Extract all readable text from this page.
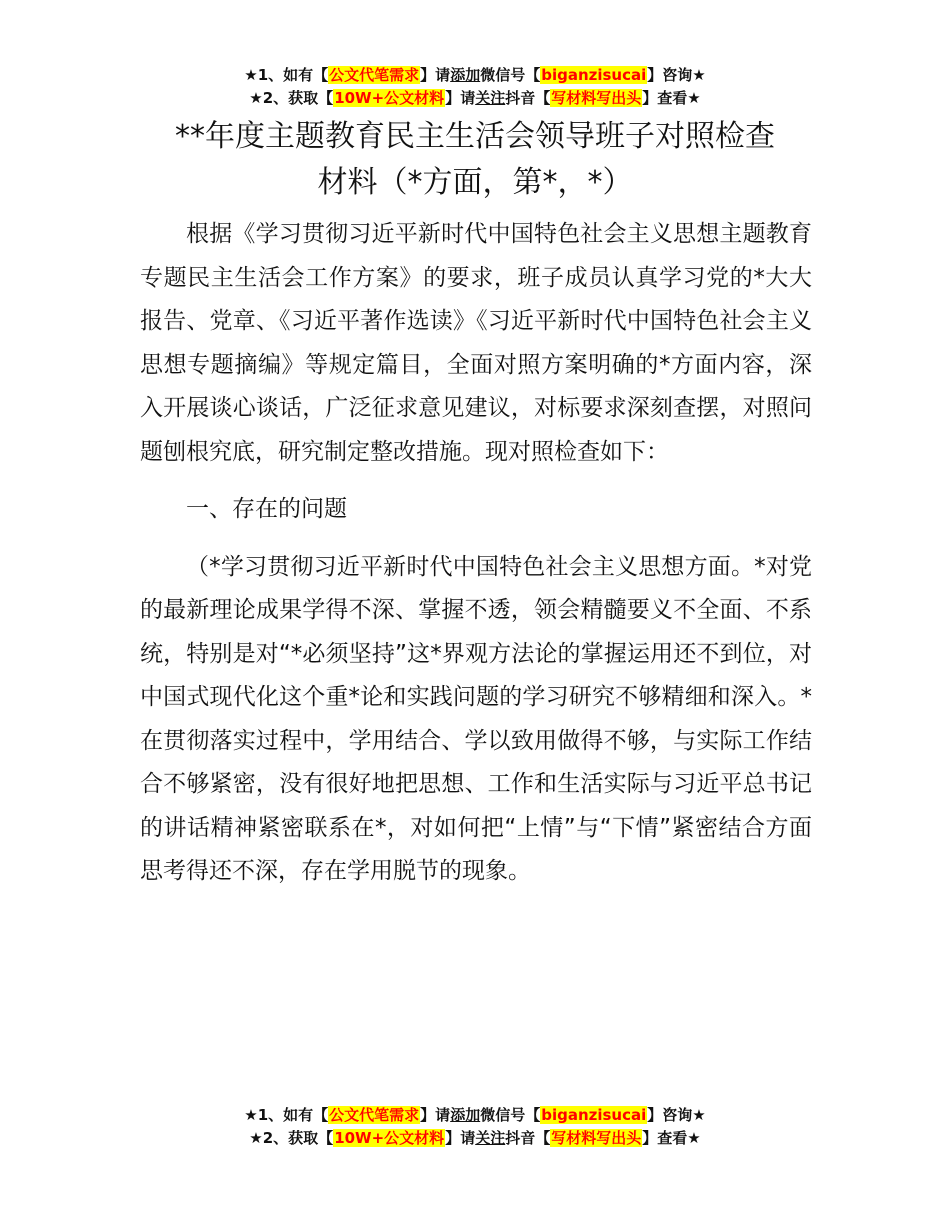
★1、如有【公文代笔需求】请添加微信号【biganzisucai】咨询★
★2、获取【10W+公文材料】请关注抖音【写材料写出头】查看★
**年度主题教育民主生活会领导班子对照检查
材料（*方面，第*，*）

根据《学习贯彻习近平新时代中国特色社会主义思想主题教育专题民主生活会工作方案》的要求，班子成员认真学习党的*大大报告、党章、《习近平著作选读》《习近平新时代中国特色社会主义思想专题摘编》等规定篇目，全面对照方案明确的*方面内容，深入开展谈心谈话，广泛征求意见建议，对标要求深刻查摆，对照问题刨根究底，研究制定整改措施。现对照检查如下：

一、存在的问题

（*学习贯彻习近平新时代中国特色社会主义思想方面。*对党的最新理论成果学得不深、掌握不透，领会精髓要义不全面、不系统，特别是对“*必须坚持”这*界观方法论的掌握运用还不到位，对中国式现代化这个重*论和实践问题的学习研究不够精细和深入。*在贯彻落实过程中，学用结合、学以致用做得不够，与实际工作结合不够紧密，没有很好地把思想、工作和生活实际与习近平总书记的讲话精神紧密联系在*，对如何把“上情”与“下情”紧密结合方面思考得还不深，存在学用脱节的现象。

★1、如有【公文代笔需求】请添加微信号【biganzisucai】咨询★
★2、获取【10W+公文材料】请关注抖音【写材料写出头】查看★
